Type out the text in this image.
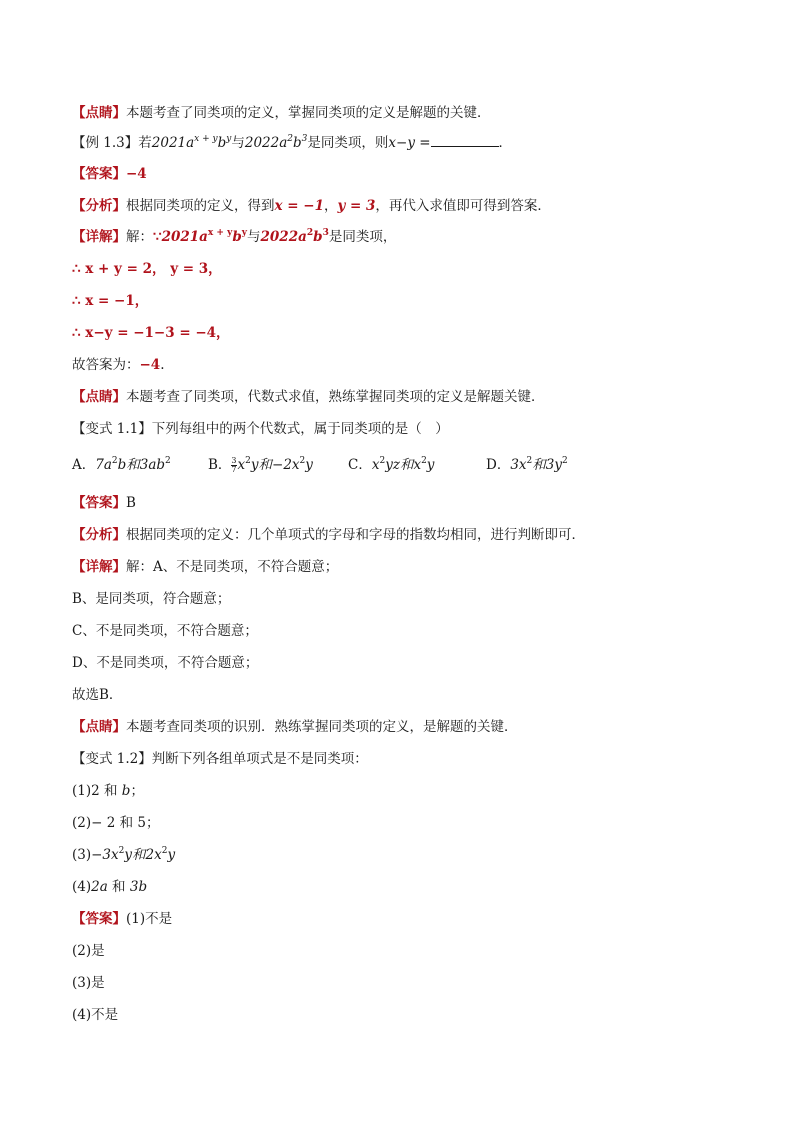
【点睛】本题考查了同类项的定义，掌握同类项的定义是解题的关键．
【例 1.3】若$2021a^{x + y}b^y$与$2022a^2b^3$是同类项，则x−y =	．
【答案】−4
【分析】根据同类项的定义，得到x = −1，y = 3，再代入求值即可得到答案．
【详解】解：$\because 2021a^{x + y}b^y$与$2022a^2b^3$是同类项，
∴ x + y = 2， y = 3，
∴ x = −1，
∴ x−y = −1−3 = −4，
故答案为：−4.
【点睛】本题考查了同类项，代数式求值，熟练掌握同类项的定义是解题关键．
【变式 1.1】下列每组中的两个代数式，属于同类项的是（　）
A．$7a^2b$和$3ab^2$	B． $\frac{3}{7} x^2y$和$-2x^2y$	C．$x^2yz$和$x^2y$	D．$3x^2$和$3y^2$
【答案】B
【分析】根据同类项的定义：几个单项式的字母和字母的指数均相同，进行判断即可．
【详解】解：A、不是同类项，不符合题意；
B、是同类项，符合题意；
C、不是同类项，不符合题意；
D、不是同类项，不符合题意；
故选B．
【点睛】本题考查同类项的识别．熟练掌握同类项的定义，是解题的关键．
【变式 1.2】判断下列各组单项式是不是同类项：
(1)2 和 b；
(2)− 2 和 5；
$(3)-3x^2y$和$2x^2y$
(4)2a 和 3b
【答案】(1)不是
(2)是
(3)是
(4)不是
